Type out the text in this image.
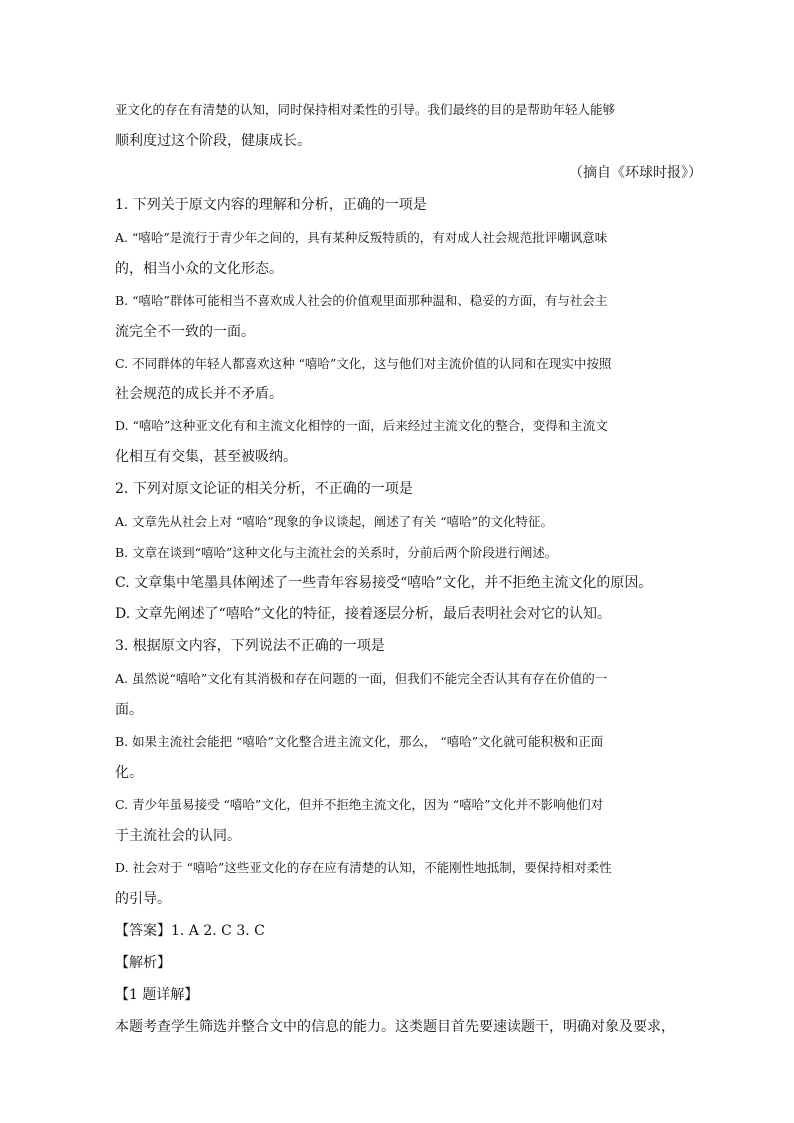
亚文化的存在有清楚的认知，同时保持相对柔性的引导。我们最终的目的是帮助年轻人能够
顺利度过这个阶段，健康成长。
（摘自《环球时报》）
1. 下列关于原文内容的理解和分析，正确的一项是
A. “嘻哈”是流行于青少年之间的，具有某种反叛特质的，有对成人社会规范批评嘲讽意味
的，相当小众的文化形态。
B. “嘻哈”群体可能相当不喜欢成人社会的价值观里面那种温和、稳妥的方面，有与社会主
流完全不一致的一面。
C. 不同群体的年轻人都喜欢这种 “嘻哈”文化，这与他们对主流价值的认同和在现实中按照
社会规范的成长并不矛盾。
D. “嘻哈”这种亚文化有和主流文化相悖的一面，后来经过主流文化的整合，变得和主流文
化相互有交集，甚至被吸纳。
2. 下列对原文论证的相关分析，不正确的一项是
A. 文章先从社会上对 “嘻哈”现象的争议谈起，阐述了有关 “嘻哈”的文化特征。
B. 文章在谈到“嘻哈”这种文化与主流社会的关系时，分前后两个阶段进行阐述。
C. 文章集中笔墨具体阐述了一些青年容易接受“嘻哈”文化，并不拒绝主流文化的原因。
D. 文章先阐述了“嘻哈”文化的特征，接着逐层分析，最后表明社会对它的认知。
3. 根据原文内容，下列说法不正确的一项是
A. 虽然说“嘻哈”文化有其消极和存在问题的一面，但我们不能完全否认其有存在价值的一
面。
B. 如果主流社会能把 “嘻哈”文化整合进主流文化，那么， “嘻哈”文化就可能积极和正面
化。
C. 青少年虽易接受 “嘻哈”文化，但并不拒绝主流文化，因为 “嘻哈”文化并不影响他们对
于主流社会的认同。
D. 社会对于 “嘻哈”这些亚文化的存在应有清楚的认知，不能刚性地抵制，要保持相对柔性
的引导。
【答案】1. A 2. C 3. C
【解析】
【1 题详解】
本题考查学生筛选并整合文中的信息的能力。这类题目首先要速读题干，明确对象及要求，
